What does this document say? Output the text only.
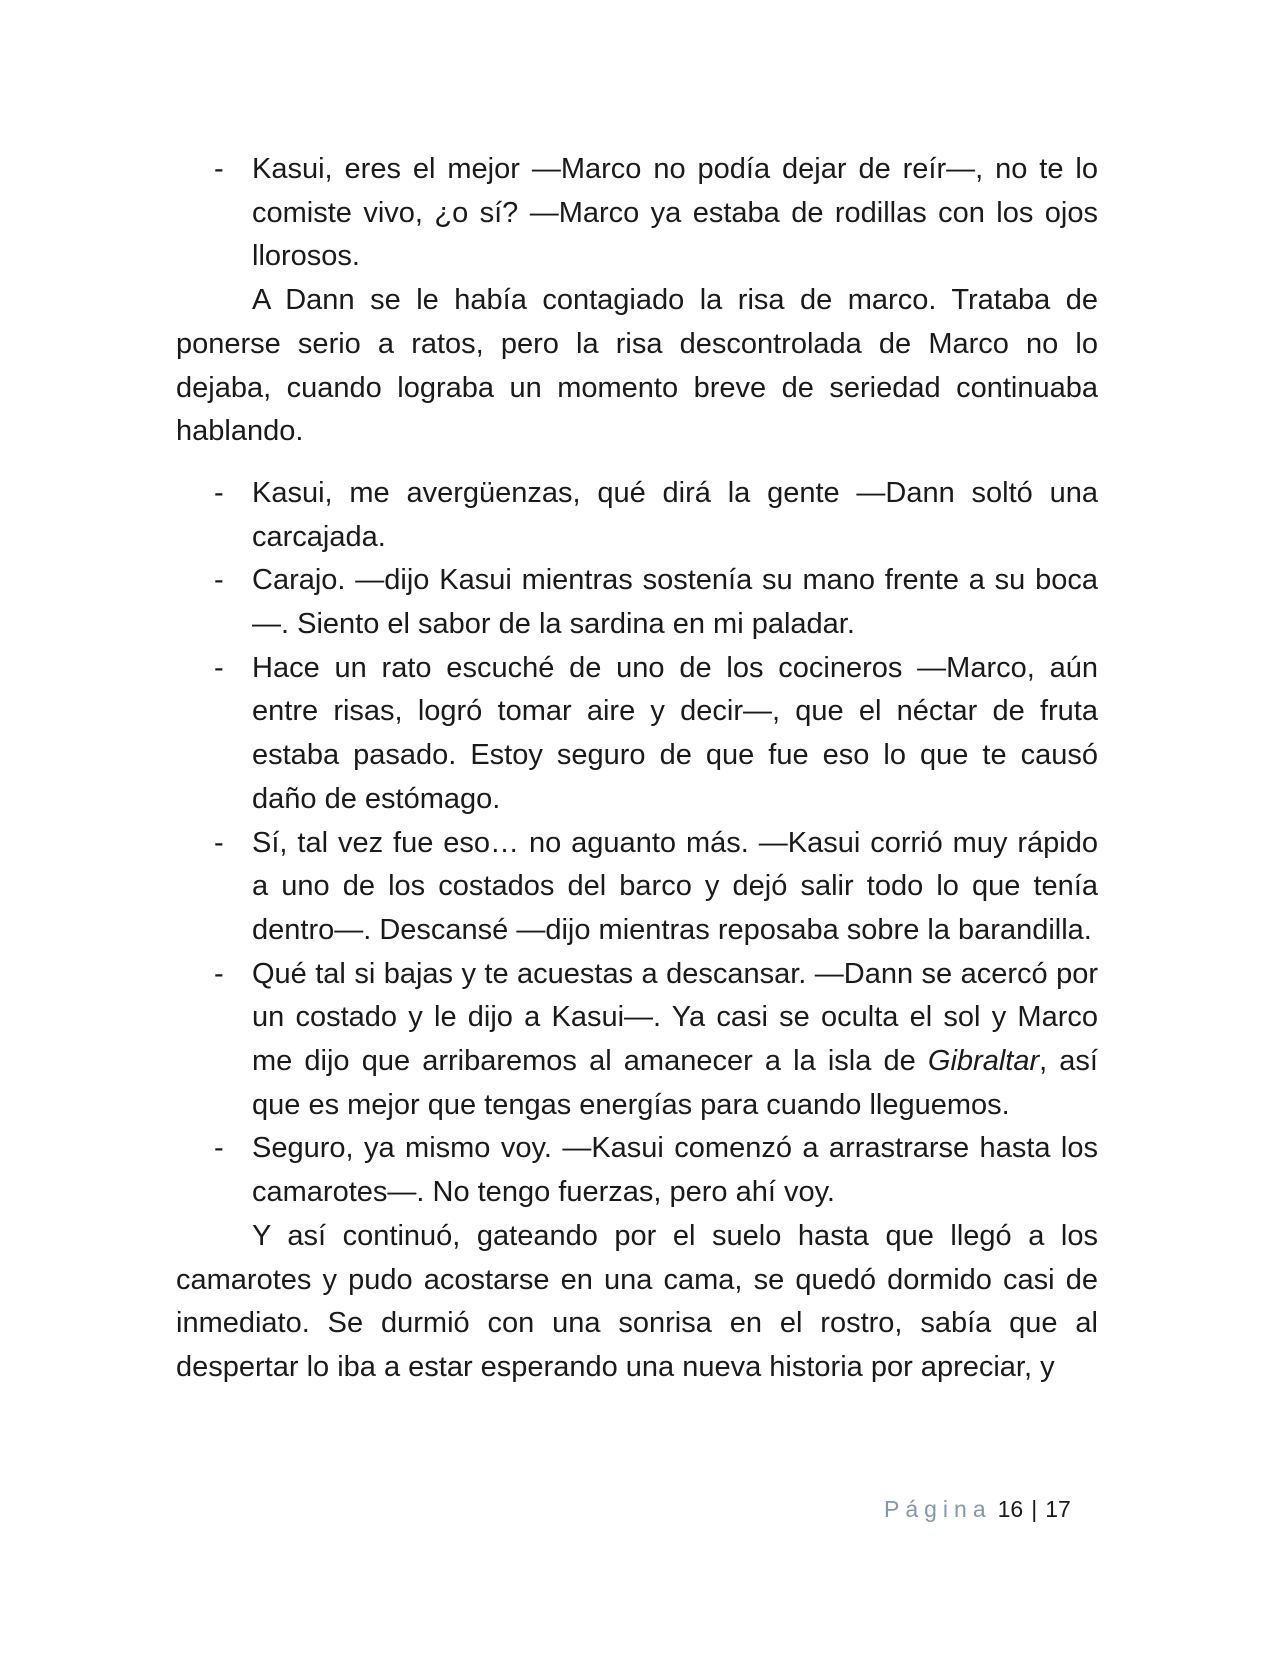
- Kasui, eres el mejor —Marco no podía dejar de reír—, no te lo comiste vivo, ¿o sí? —Marco ya estaba de rodillas con los ojos llorosos.
A Dann se le había contagiado la risa de marco. Trataba de ponerse serio a ratos, pero la risa descontrolada de Marco no lo dejaba, cuando lograba un momento breve de seriedad continuaba hablando.
- Kasui, me avergüenzas, qué dirá la gente —Dann soltó una carcajada.
- Carajo. —dijo Kasui mientras sostenía su mano frente a su boca—. Siento el sabor de la sardina en mi paladar.
- Hace un rato escuché de uno de los cocineros —Marco, aún entre risas, logró tomar aire y decir—, que el néctar de fruta estaba pasado. Estoy seguro de que fue eso lo que te causó daño de estómago.
- Sí, tal vez fue eso… no aguanto más. —Kasui corrió muy rápido a uno de los costados del barco y dejó salir todo lo que tenía dentro—. Descansé —dijo mientras reposaba sobre la barandilla.
- Qué tal si bajas y te acuestas a descansar. —Dann se acercó por un costado y le dijo a Kasui—. Ya casi se oculta el sol y Marco me dijo que arribaremos al amanecer a la isla de Gibraltar, así que es mejor que tengas energías para cuando lleguemos.
- Seguro, ya mismo voy. —Kasui comenzó a arrastrarse hasta los camarotes—. No tengo fuerzas, pero ahí voy.
Y así continuó, gateando por el suelo hasta que llegó a los camarotes y pudo acostarse en una cama, se quedó dormido casi de inmediato. Se durmió con una sonrisa en el rostro, sabía que al despertar lo iba a estar esperando una nueva historia por apreciar, y
Página 16 | 17
